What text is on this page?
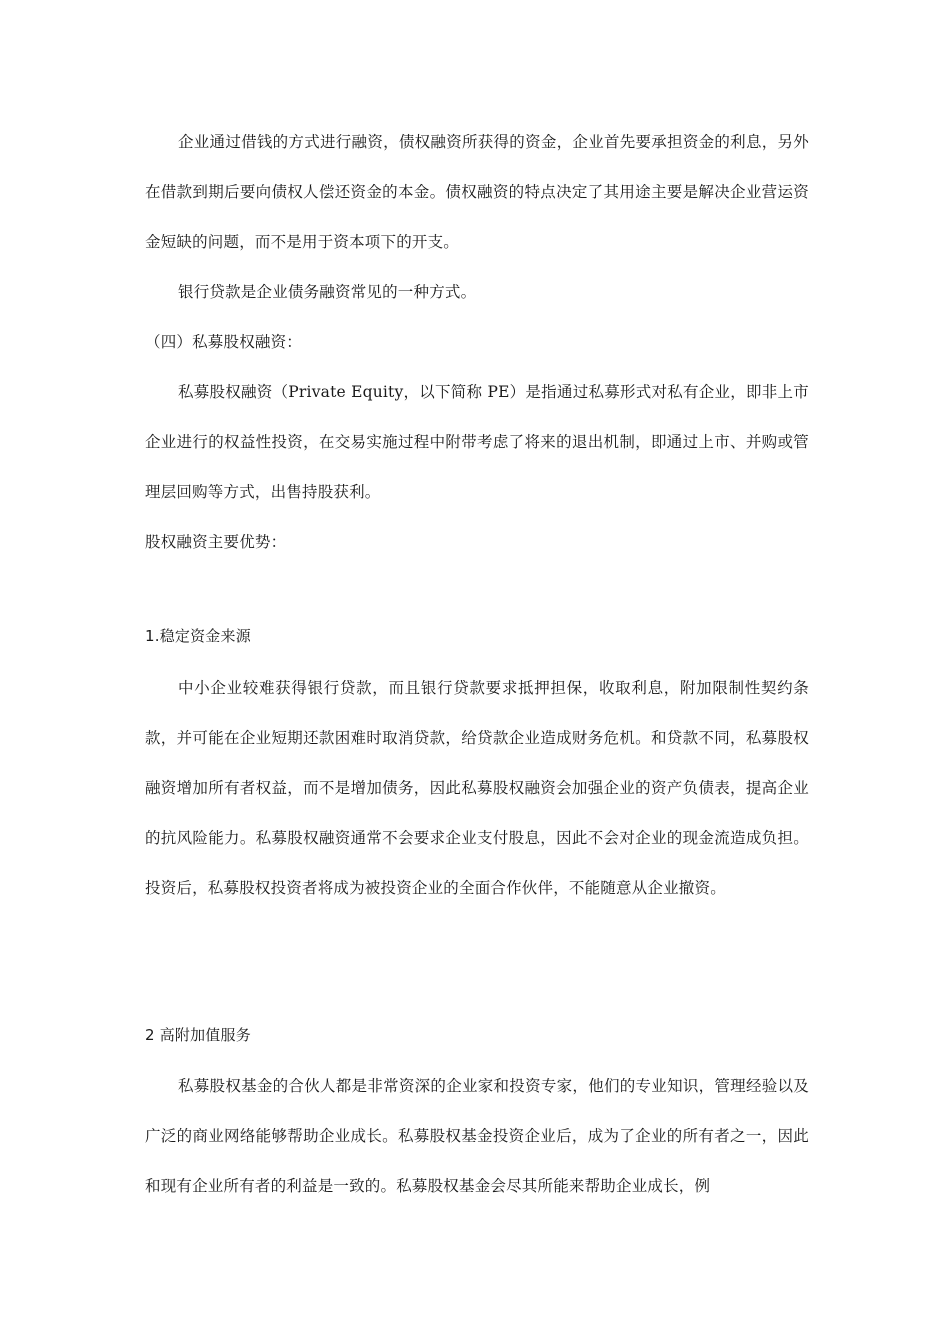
企业通过借钱的方式进行融资，债权融资所获得的资金，企业首先要承担资金的利息，另外在借款到期后要向债权人偿还资金的本金。债权融资的特点决定了其用途主要是解决企业营运资金短缺的问题，而不是用于资本项下的开支。

银行贷款是企业债务融资常见的一种方式。

（四）私募股权融资：

私募股权融资（Private Equity，以下简称 PE）是指通过私募形式对私有企业，即非上市企业进行的权益性投资，在交易实施过程中附带考虑了将来的退出机制，即通过上市、并购或管理层回购等方式，出售持股获利。

股权融资主要优势：

1.稳定资金来源

中小企业较难获得银行贷款，而且银行贷款要求抵押担保，收取利息，附加限制性契约条款，并可能在企业短期还款困难时取消贷款，给贷款企业造成财务危机。和贷款不同，私募股权融资增加所有者权益，而不是增加债务，因此私募股权融资会加强企业的资产负债表，提高企业的抗风险能力。私募股权融资通常不会要求企业支付股息，因此不会对企业的现金流造成负担。投资后，私募股权投资者将成为被投资企业的全面合作伙伴，不能随意从企业撤资。

2 高附加值服务

私募股权基金的合伙人都是非常资深的企业家和投资专家，他们的专业知识，管理经验以及广泛的商业网络能够帮助企业成长。私募股权基金投资企业后，成为了企业的所有者之一，因此和现有企业所有者的利益是一致的。私募股权基金会尽其所能来帮助企业成长，例
